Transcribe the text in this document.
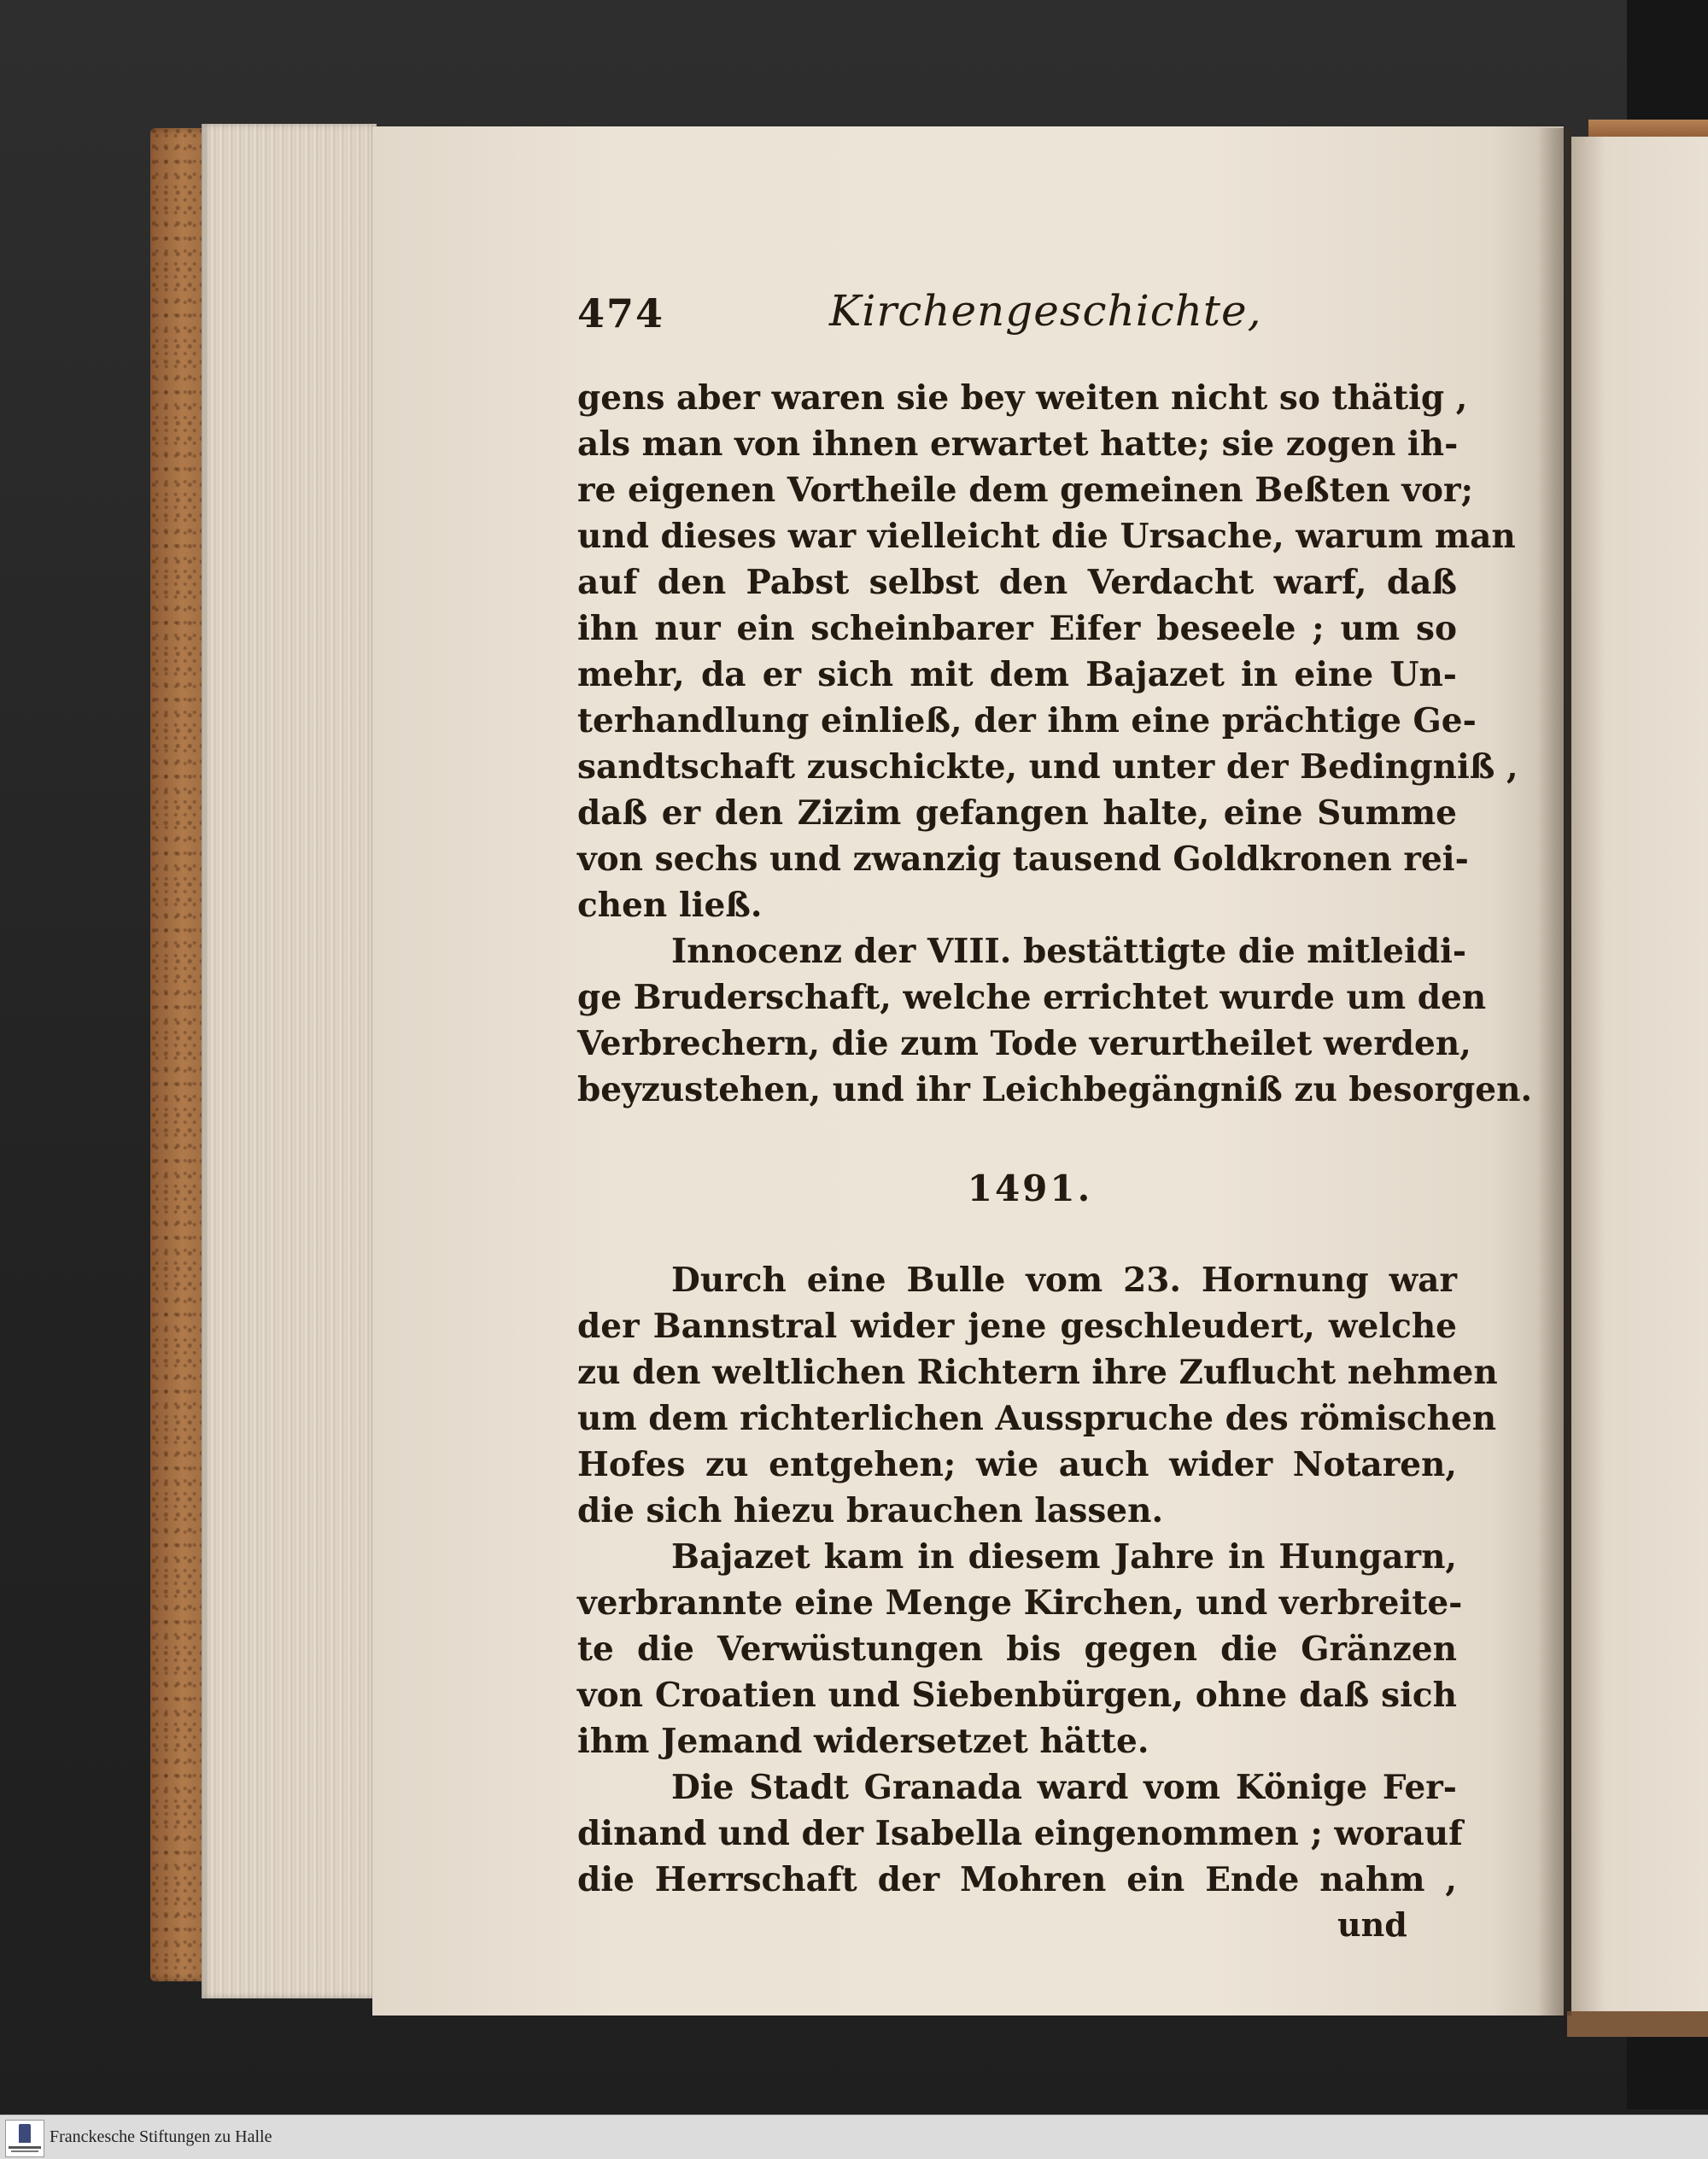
474	Kirchengeschichte,
gens aber waren sie bey weiten nicht so thätig ,
als man von ihnen erwartet hatte; sie zogen ih-
re eigenen Vortheile dem gemeinen Beßten vor;
und dieses war vielleicht die Ursache, warum man
auf den Pabst selbst den Verdacht warf, daß
ihn nur ein scheinbarer Eifer beseele ; um so
mehr, da er sich mit dem Bajazet in eine Un-
terhandlung einließ, der ihm eine prächtige Ge-
sandtschaft zuschickte, und unter der Bedingniß ,
daß er den Zizim gefangen halte, eine Summe
von sechs und zwanzig tausend Goldkronen rei-
chen ließ.
Innocenz der VIII. bestättigte die mitleidi-
ge Bruderschaft, welche errichtet wurde um den
Verbrechern, die zum Tode verurtheilet werden,
beyzustehen, und ihr Leichbegängniß zu besorgen.
1491.
Durch eine Bulle vom 23. Hornung war
der Bannstral wider jene geschleudert, welche
zu den weltlichen Richtern ihre Zuflucht nehmen
um dem richterlichen Ausspruche des römischen
Hofes zu entgehen; wie auch wider Notaren,
die sich hiezu brauchen lassen.
Bajazet kam in diesem Jahre in Hungarn,
verbrannte eine Menge Kirchen, und verbreite-
te die Verwüstungen bis gegen die Gränzen
von Croatien und Siebenbürgen, ohne daß sich
ihm Jemand widersetzet hätte.
Die Stadt Granada ward vom Könige Fer-
dinand und der Isabella eingenommen ; worauf
die Herrschaft der Mohren ein Ende nahm ,
und
Franckesche Stiftungen zu Halle
